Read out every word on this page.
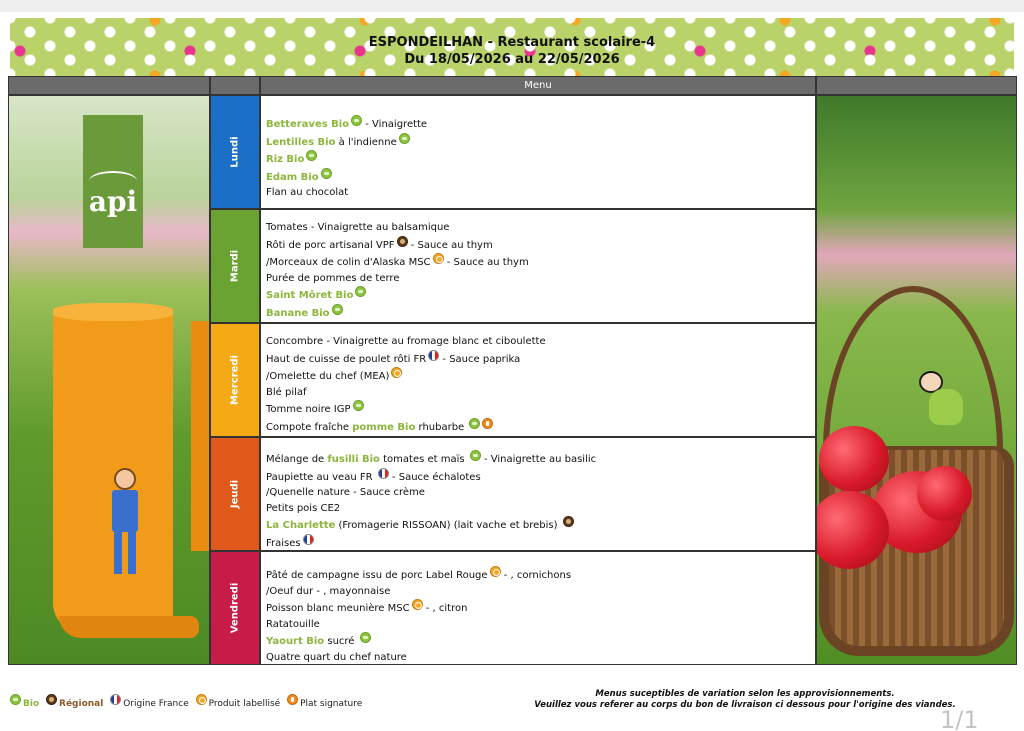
ESPONDEILHAN - Restaurant scolaire-4
Du 18/05/2026 au 22/05/2026
Menu
api
Lundi
Mardi
Mercredi
Jeudi
Vendredi
Betteraves Bio - Vinaigrette
Lentilles Bio à l'indienne
Riz Bio
Edam Bio
Flan au chocolat
Tomates - Vinaigrette au balsamique
Rôti de porc artisanal VPF - Sauce au thym
/Morceaux de colin d'Alaska MSC - Sauce au thym
Purée de pommes de terre
Saint Môret Bio
Banane Bio
Concombre - Vinaigrette au fromage blanc et ciboulette
Haut de cuisse de poulet rôti FR - Sauce paprika
/Omelette du chef (MEA)
Blé pilaf
Tomme noire IGP
Compote fraîche pomme Bio rhubarbe
Mélange de fusilli Bio tomates et maïs  - Vinaigrette au basilic
Paupiette au veau FR  - Sauce échalotes
/Quenelle nature - Sauce crème
Petits pois CE2
La Charlette (Fromagerie RISSOAN) (lait vache et brebis)
Fraises
Pâté de campagne issu de porc Label Rouge - , cornichons
/Oeuf dur - , mayonnaise
Poisson blanc meunière MSC - , citron
Ratatouille
Yaourt Bio sucré
Quatre quart du chef nature
Bio Régional Origine France Produit labellisé Plat signature
Menus suceptibles de variation selon les approvisionnements.
Veuillez vous referer au corps du bon de livraison ci dessous pour l'origine des viandes.
1/1
